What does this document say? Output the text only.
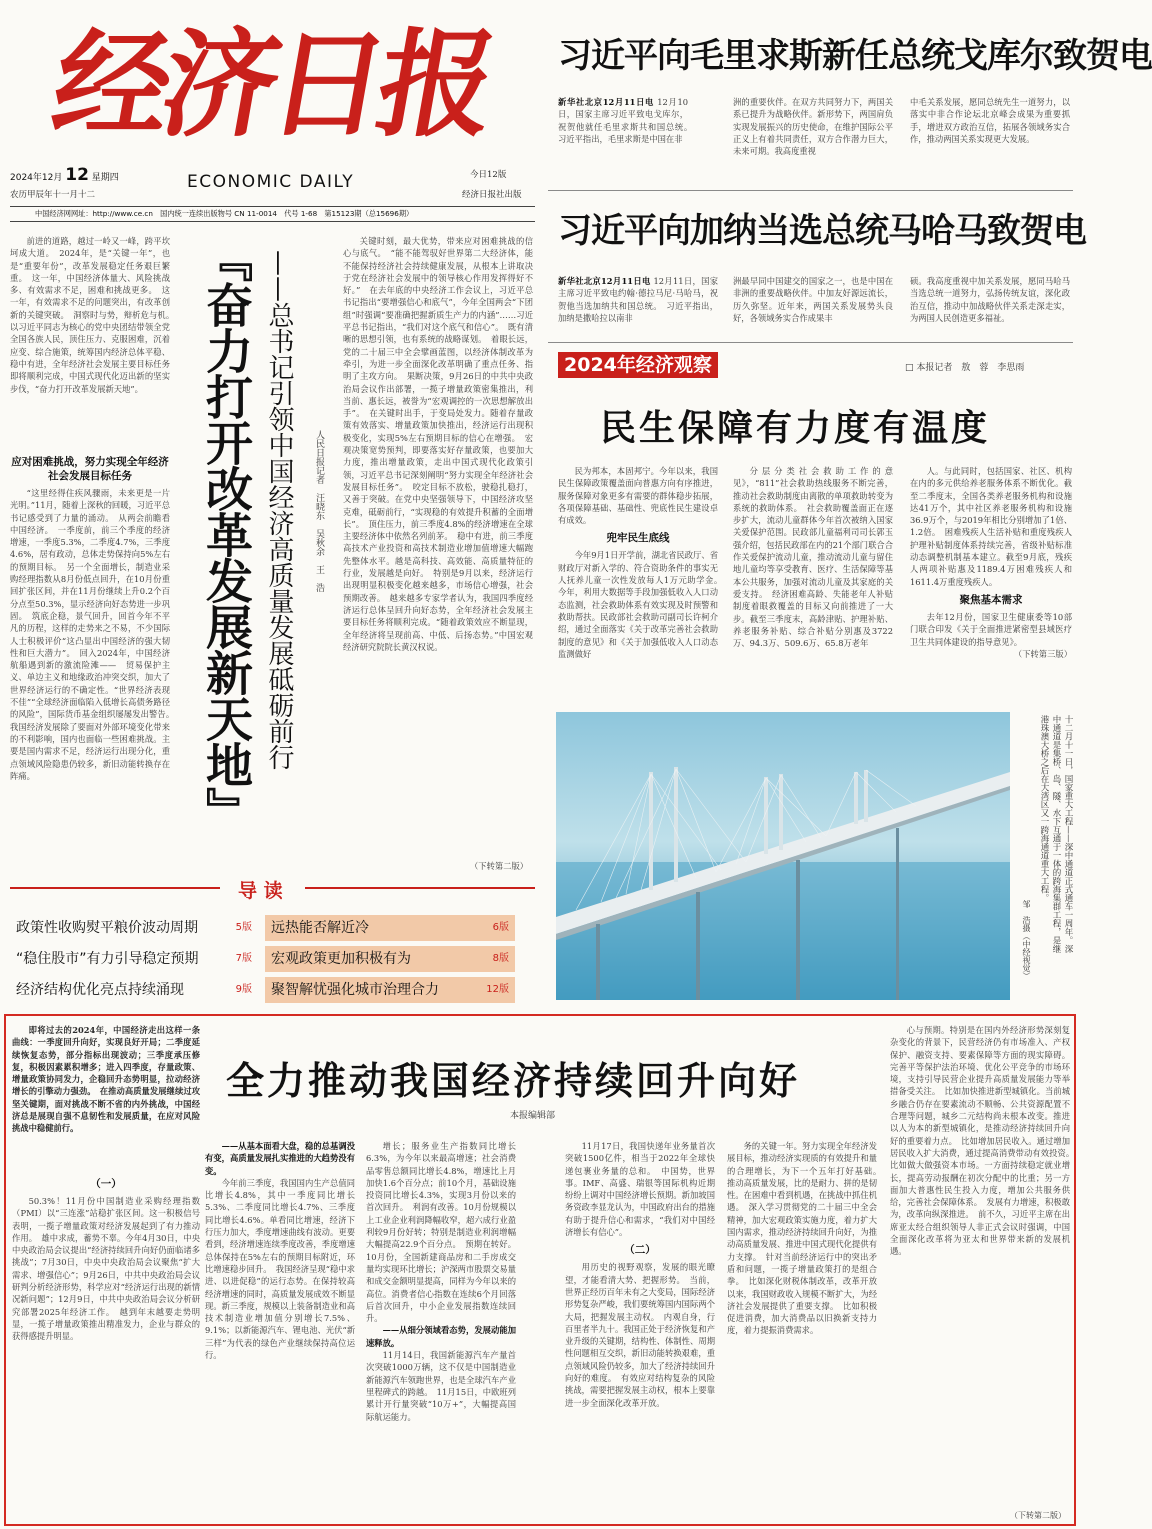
经济日报
2024年12月 12 星期四
农历甲辰年十一月十二
ECONOMIC DAILY	今日12版
经济日报社出版
中国经济网网址：http://www.ce.cn　国内统一连续出版物号 CN 11-0014　代号 1-68　第15123期（总15696期）
习近平向毛里求斯新任总统戈库尔致贺电
新华社北京12月11日电 12月10日，国家主席习近平致电戈库尔，祝贺他就任毛里求斯共和国总统。　习近平指出，毛里求斯是中国在非
洲的重要伙伴。在双方共同努力下，两国关系已提升为战略伙伴。新形势下，两国肩负实现发展振兴的历史使命，在维护国际公平正义上有着共同责任，双方合作潜力巨大，未来可期。我高度重视
中毛关系发展，愿同总统先生一道努力，以落实中非合作论坛北京峰会成果为重要抓手，增进双方政治互信，拓展各领域务实合作，推动两国关系实现更大发展。
习近平向加纳当选总统马哈马致贺电
新华社北京12月11日电 12月11日，国家主席习近平致电约翰·德拉马尼·马哈马，祝贺他当选加纳共和国总统。　习近平指出，加纳是撒哈拉以南非
洲最早同中国建交的国家之一，也是中国在非洲的重要战略伙伴。中加友好源远流长，历久弥坚。近年来，两国关系发展势头良好，各领域务实合作成果丰
硕。我高度重视中加关系发展，愿同马哈马当选总统一道努力，弘扬传统友谊，深化政治互信，推动中加战略伙伴关系走深走实，为两国人民创造更多福祉。

前进的道路，越过一岭又一峰，跨平坎坷成大道。　2024年，是“关键一年”，也是“重要年份”，改革发展稳定任务艰巨繁重。　这一年，中国经济体量大、风险挑战多、有效需求不足，困难和挑战更多。　这一年，有效需求不足的问题突出，有改革创新的关键突破。　洞察时与势，辩析危与机。　以习近平同志为核心的党中央团结带领全党全国各族人民，顶住压力、克服困难，沉着应变、综合施策，统筹国内经济总体平稳、稳中有进，全年经济社会发展主要目标任务即将顺利完成，中国式现代化迈出新的坚实步伐，“奋力打开改革发展新天地”。	『奋力打开改革发展新天地』 ——总书记引领中国经济高质量发展砥砺前行 人民日报记者　汪晓东　吴秋余　王　浩
应对困难挑战，努力实现全年经济社会发展目标任务

“这里经得住疾风骤雨，未来更是一片光明。”11月，随着上深秋的回暖，习近平总书记感受到了力量的涌动。　从两会前瞻看中国经济。　一季度前，前三个季度的经济增速，一季度5.3%，二季度4.7%，三季度4.6%，居有政动，总体走势保持向5%左右的预期目标。　另一个全面增长，制造业采购经理指数从8月份低点回升，在10月份重回扩张区间，并在11月份继续上升0.2个百分点至50.3%，显示经济向好态势进一步巩固。　筑底企稳，景气回升，回首今年不平凡的历程，这样的走势来之不易，不少国际人士积极评价“这凸显出中国经济的强大韧性和巨大潜力”。　回入2024年，中国经济航船遇到新的激流险滩——　贸易保护主义、单边主义和地缘政治冲突交织，加大了世界经济运行的不确定性。“世界经济表现不佳”“全球经济面临陷入低增长高债务路径的风险”，国际货币基金组织屡屡发出警告。　我国经济发展除了要面对外部环境变化带来的不利影响，国内也面临一些困难挑战。主要是国内需求不足，经济运行出现分化，重点领域风险隐患仍较多，新旧动能转换存在阵痛。

关键时刻，最大优势，带来应对困难挑战的信心与底气。　“能不能驾驭好世界第二大经济体，能不能保持经济社会持续健康发展，从根本上讲取决于党在经济社会发展中的领导核心作用发挥得好不好。”　在去年底的中央经济工作会议上，习近平总书记指出“要增强信心和底气”，今年全国两会“下团组”时强调“要准确把握新质生产力的内涵”……习近平总书记指出，“我们对这个底气和信心”。　既有清晰的思想引领，也有系统的战略谋划。　着眼长远，党的二十届三中全会擘画蓝图，以经济体制改革为牵引，为进一步全面深化改革明确了重点任务、指明了主攻方向。　果断决策，9月26日的中共中央政治局会议作出部署，一揽子增量政策密集推出，利当前、惠长远，被誉为“宏观调控的一次思想解放出手”。　在关键时出手，于变局处发力。随着存量政策有效落实、增量政策加快推出，经济运行出现积极变化，实现5%左右预期目标的信心在增强。　宏观决策宽势预判，即要落实好存量政策，也要加大力度，推出增量政策，走出中国式现代化政策引领，习近平总书记深刻阐明“努力实现全年经济社会发展目标任务”。　咬定目标不放松，驶稳扎稳打，又善于突破。在党中央坚强领导下，中国经济攻坚克难，砥砺前行，“实现稳的有效提升积蓄的全面增长”。　顶住压力，前三季度4.8%的经济增速在全球主要经济体中依然名列前茅。　稳中有进，前三季度高技术产业投资和高技术制造业增加值增速大幅跑先整体水平。越是高科技、高效能、高质量特征的行业，发展越是向好。　特别是9月以来，经济运行出现明显积极变化越来越多，市场信心增强，社会预期改善。　越来越多专家学者认为，我国四季度经济运行总体呈回升向好态势，全年经济社会发展主要目标任务将顺利完成。“随着政策效应不断显现，全年经济将呈现前高、中低、后扬态势。”中国宏观经济研究院院长黄汉权说。

（下转第二版）
2024年经济观察	□ 本报记者　敖　蓉　李思雨
民生保障有力度有温度

民为邦本，本固邦宁。今年以来，我国民生保障政策覆盖面向普惠方向有序推进，服务保障对象更多有需要的群体稳步拓展，各项保障基础、基础性、兜底性民生建设卓有成效。

兜牢民生底线

今年9月1日开学前，湖北省民政厅、省财政厅对新入学的、符合资助条件的事实无人抚养儿童一次性发放每人1万元助学金。　今年，利用大数据等手段加强低收入人口动态监测，社会救助体系有效实现及时预警和救助帮扶。民政部社会救助司副司长许柯介绍，通过全面落实《关于改革完善社会救助制度的意见》和《关于加强低收入人口动态监测做好

分层分类社会救助工作的意见》，“811”社会救助热线服务不断完善，推动社会救助制度由离散的单项救助转变为系统的救助体系。　社会救助覆盖面正在逐步扩大，流动儿童群体今年首次被纳入国家关爱保护范围。民政部儿童福利司司长郭玉强介绍，包括民政部在内的21个部门联合合作关爱保护流动儿童，推动流动儿童与留住地儿童均等享受教育、医疗、生活保障等基本公共服务，加强对流动儿童及其家庭的关爱支持。　经济困难高龄、失能老年人补贴制度着眼救覆盖的目标又向前推进了一大步。截至三季度末，高龄津贴、护理补贴、养老服务补贴、综合补贴分别惠及3722万、94.3万、509.6万、65.8万老年

人。与此同时，包括国家、社区、机构在内的多元供给养老服务体系不断优化。截至二季度末，全国各类养老服务机构和设施达41万个，其中社区养老服务机构和设施36.9万个，与2019年相比分别增加了1倍、1.2倍。　困难残疾人生活补贴和重度残疾人护理补贴制度体系持续完善，省级补贴标准动态调整机制基本建立。截至9月底，残疾人两项补贴惠及1189.4万困难残疾人和1611.4万重度残疾人。

聚焦基本需求

去年12月份，国家卫生健康委等10部门联合印发《关于全面推进紧密型县域医疗卫生共同体建设的指导意见》。

（下转第三版）
十二月十一日，国家重大工程——深中通道正式通车一周年。深中通道是集桥、岛、隧、水下互通于一体的跨海集群工程，是继港珠澳大桥之后在大湾区又一跨海通道重大工程。
邹　浩摄（中经视觉）
导 读
政策性收购熨平粮价波动周期	5版 远热能否解近冷	6版
“稳住股市”有力引导稳定预期	7版 宏观政策更加积极有为	8版
经济结构优化亮点持续涌现	9版 聚智解忧强化城市治理合力	12版

即将过去的2024年，中国经济走出这样一条曲线：一季度回升向好，实现良好开局；二季度延续恢复态势，部分指标出现波动；三季度承压修复，积极因素累积增多；进入四季度，存量政策、增量政策协同发力，企稳回升态势明显，拉动经济增长的引擎动力强劲。　在推动高质量发展继续过攻坚关键期，面对挑战不断不省的内外挑战，中国经济总是展现自强不息韧性和发展质量，在应对风险挑战中稳健前行。

全力推动我国经济持续回升向好
本报编辑部
（一）

50.3%！11月份中国制造业采购经理指数（PMI）以“三连涨”站稳扩张区间。这一积极信号表明，一揽子增量政策对经济发展起到了有力推动作用。　雄中求成，蓄势不辜。今年4月30日，中央中央政治局会议提出“经济持续回升向好仍面临诸多挑战”；7月30日，中央中央政治局会议聚焦“扩大需求、增强信心”；9月26日，中共中央政治局会议研判分析经济形势，科学应对“经济运行出现的新情况新问题”；12月9日，中共中央政治局会议分析研究部署2025年经济工作。　越到年末越要走势明显，一揽子增量政策推出精准发力，企业与群众的获得感提升明显。

——从基本面看大盘，稳的总基调没有变，高质量发展扎实推进的大趋势没有变。

今年前三季度，我国国内生产总值同比增长4.8%，其中一季度同比增长5.3%、二季度同比增长4.7%、三季度同比增长4.6%。单看同比增速，经济下行压力加大，季度增速曲线有波动。更要看到，经济增速连续季度改善，季度增速总体保持在5%左右的预期目标附近，环比增速稳步回升。　我国经济呈现“稳中求进、以进促稳”的运行态势。在保持较高经济增速的同时，高质量发展成效不断显现。新三季度，规模以上装备制造业和高技术制造业增加值分别增长7.5%、9.1%；以新能源汽车、锂电池、光伏“新三样”为代表的绿色产业继续保持高位运行。

增长；服务业生产指数同比增长6.3%，为今年以来最高增速；社会消费品零售总额同比增长4.8%，增速比上月加快1.6个百分点；前10个月，基础设施投资同比增长4.3%，实现3月份以来的首次回升。　利润有改善。10月份规模以上工业企业利润降幅收窄，超六成行业盈利较9月份好转；特别是制造业利润增幅大幅提高22.9个百分点。　预期在转好。10月份，全国新建商品房和二手房成交量均实现环比增长；沪深两市股票交易量和成交金额明显提高，同样为今年以来的高位。消费者信心指数在连续6个月回落后首次回升，中小企业发展指数连续回升。

——从细分领域看态势，发展动能加速释放。

11月14日，我国新能源汽车产量首次突破1000万辆，这不仅是中国制造业新能源汽车领跑世界，也是全球汽车产业里程碑式的跨越。　11月15日，中欧班列累计开行量突破“10万+”，大幅提高国际航运能力。

11月17日，我国快递年业务量首次突破1500亿件，相当于2022年全球快递包裹业务量的总和。　中国势，世界事。IMF、高盛、瑞银等国际机构近期纷纷上调对中国经济增长预期。新加坡国务资政李显龙认为，中国政府出台的措施有助于提升信心和需求，“我们对中国经济增长有信心”。

（二）

用历史的视野观察，发展的眼光瞭望，才能看清大势、把握形势。　当前，世界正经历百年未有之大变局，国际经济形势复杂严峻，我们要统筹国内国际两个大局，把握发展主动权。　内观自身，行百里者半九十。我国正处于经济恢复和产业升级的关键期，结构性、体制性、周期性问题相互交织，新旧动能转换艰难，重点领域风险仍较多，加大了经济持续回升向好的难度。　有效应对结构复杂的风险挑战，需要把握发展主动权，根本上要靠进一步全面深化改革开放。

务的关键一年。努力实现全年经济发展目标，推动经济实现质的有效提升和量的合理增长，为下一个五年打好基础。　推动高质量发展，比的是耐力、拼的是韧性。在困难中看到机遇，在挑战中抓住机遇。　深入学习贯彻党的二十届三中全会精神，加大宏观政策实施力度，着力扩大国内需求，推动经济持续回升向好，为推动高质量发展、推进中国式现代化提供有力支撑。　针对当前经济运行中的突出矛盾和问题，一揽子增量政策打的是组合拳。　比如深化财税体制改革，改革开放以来，我国财政收入规模不断扩大，为经济社会发展提供了重要支撑。　比如积极促进消费，加大消费品以旧换新支持力度，着力提振消费需求。

心与预期。特别是在国内外经济形势深刻复杂变化的背景下，民营经济仍有市场准入、产权保护、融资支持、要素保障等方面的现实障碍。完善平等保护法治环境、优化公平竞争的市场环境，支持引导民营企业提升高质量发展能力等举措备受关注。　比如加快推进新型城镇化。当前城乡融合仍存在要素流动不顺畅、公共资源配置不合理等问题，城乡二元结构尚未根本改变。推进以人为本的新型城镇化，是推动经济持续回升向好的重要着力点。　比如增加居民收入。通过增加居民收入扩大消费，通过提高消费带动有效投资。　比如做大做强资本市场。一方面持续稳定就业增长，提高劳动报酬在初次分配中的比重；另一方面加大普惠性民生投入力度，增加公共服务供给，完善社会保障体系。　发展有力增速，积极敢为，改革向纵深推进。　前不久，习近平主席在出席亚太经合组织领导人非正式会议时强调，中国全面深化改革将为亚太和世界带来新的发展机遇。

（下转第二版）
